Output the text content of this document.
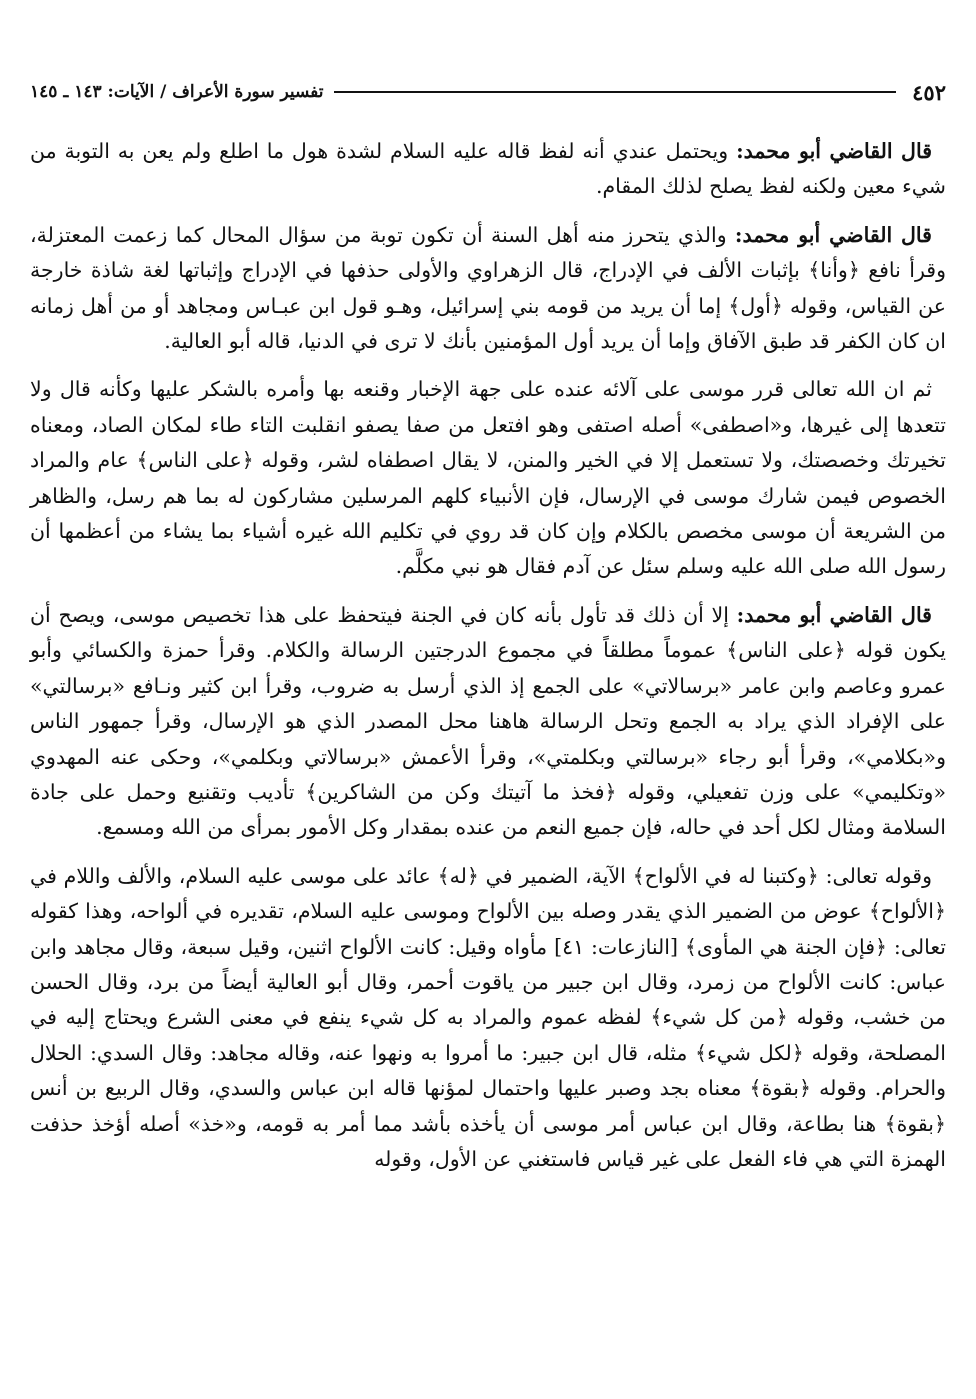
٤٥٢
تفسير سورة الأعراف / الآيات: ١٤٣ ـ ١٤٥

قال القاضي أبو محمد: ويحتمل عندي أنه لفظ قاله عليه السلام لشدة هول ما اطلع ولم يعن به التوبة من شيء معين ولكنه لفظ يصلح لذلك المقام.

قال القاضي أبو محمد: والذي يتحرز منه أهل السنة أن تكون توبة من سؤال المحال كما زعمت المعتزلة، وقرأ نافع ﴿وأنا﴾ بإثبات الألف في الإدراج، قال الزهراوي والأولى حذفها في الإدراج وإثباتها لغة شاذة خارجة عن القياس، وقوله ﴿أول﴾ إما أن يريد من قومه بني إسرائيل، وهـو قول ابن عبـاس ومجاهد أو من أهل زمانه ان كان الكفر قد طبق الآفاق وإما أن يريد أول المؤمنين بأنك لا ترى في الدنيا، قاله أبو العالية.

ثم ان الله تعالى قرر موسى على آلائه عنده على جهة الإخبار وقنعه بها وأمره بالشكر عليها وكأنه قال ولا تتعدها إلى غيرها، و«اصطفى» أصله اصتفى وهو افتعل من صفا يصفو انقلبت التاء طاء لمكان الصاد، ومعناه تخيرتك وخصصتك، ولا تستعمل إلا في الخير والمنن، لا يقال اصطفاه لشر، وقوله ﴿على الناس﴾ عام والمراد الخصوص فيمن شارك موسى في الإرسال، فإن الأنبياء كلهم المرسلين مشاركون له بما هم رسل، والظاهر من الشريعة أن موسى مخصص بالكلام وإن كان قد روي في تكليم الله غيره أشياء بما يشاء من أعظمها أن رسول الله صلى الله عليه وسلم سئل عن آدم فقال هو نبي مكلَّم.

قال القاضي أبو محمد: إلا أن ذلك قد تأول بأنه كان في الجنة فيتحفظ على هذا تخصيص موسى، ويصح أن يكون قوله ﴿على الناس﴾ عموماً مطلقاً في مجموع الدرجتين الرسالة والكلام. وقرأ حمزة والكسائي وأبو عمرو وعاصم وابن عامر «برسالاتي» على الجمع إذ الذي أرسل به ضروب، وقرأ ابن كثير ونـافع «برسالتي» على الإفراد الذي يراد به الجمع وتحل الرسالة هاهنا محل المصدر الذي هو الإرسال، وقرأ جمهور الناس و«بكلامي»، وقرأ أبو رجاء «برسالتي وبكلمتي»، وقرأ الأعمش «برسالاتي وبكلمي»، وحكى عنه المهدوي «وتكليمي» على وزن تفعيلي، وقوله ﴿فخذ ما آتيتك وكن من الشاكرين﴾ تأديب وتقنيع وحمل على جادة السلامة ومثال لكل أحد في حاله، فإن جميع النعم من عنده بمقدار وكل الأمور بمرأى من الله ومسمع.

وقوله تعالى: ﴿وكتبنا له في الألواح﴾ الآية، الضمير في ﴿له﴾ عائد على موسى عليه السلام، والألف واللام في ﴿الألواح﴾ عوض من الضمير الذي يقدر وصله بين الألواح وموسى عليه السلام، تقديره في ألواحه، وهذا كقوله تعالى: ﴿فإن الجنة هي المأوى﴾ [النازعات: ٤١] مأواه وقيل: كانت الألواح اثنين، وقيل سبعة، وقال مجاهد وابن عباس: كانت الألواح من زمرد، وقال ابن جبير من ياقوت أحمر، وقال أبو العالية أيضاً من برد، وقال الحسن من خشب، وقوله ﴿من كل شيء﴾ لفظه عموم والمراد به كل شيء ينفع في معنى الشرع ويحتاج إليه في المصلحة، وقوله ﴿لكل شيء﴾ مثله، قال ابن جبير: ما أمروا به ونهوا عنه، وقاله مجاهد: وقال السدي: الحلال والحرام. وقوله ﴿بقوة﴾ معناه بجد وصبر عليها واحتمال لمؤنها قاله ابن عباس والسدي، وقال الربيع بن أنس ﴿بقوة﴾ هنا بطاعة، وقال ابن عباس أمر موسى أن يأخذه بأشد مما أمر به قومه، و«خذ» أصله أؤخذ حذفت الهمزة التي هي فاء الفعل على غير قياس فاستغني عن الأول، وقوله
